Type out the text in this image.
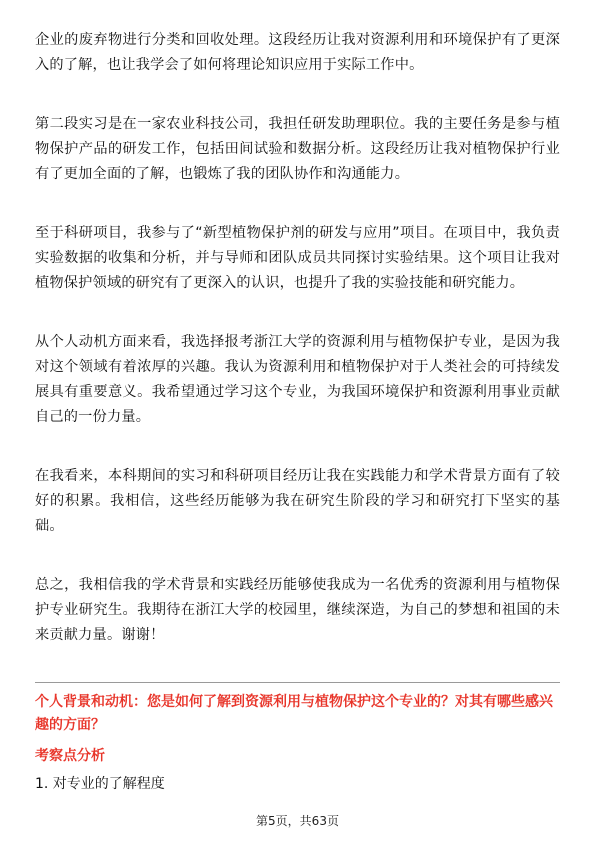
企业的废弃物进行分类和回收处理。这段经历让我对资源利用和环境保护有了更深入的了解，也让我学会了如何将理论知识应用于实际工作中。

第二段实习是在一家农业科技公司，我担任研发助理职位。我的主要任务是参与植物保护产品的研发工作，包括田间试验和数据分析。这段经历让我对植物保护行业有了更加全面的了解，也锻炼了我的团队协作和沟通能力。

至于科研项目，我参与了“新型植物保护剂的研发与应用”项目。在项目中，我负责实验数据的收集和分析，并与导师和团队成员共同探讨实验结果。这个项目让我对植物保护领域的研究有了更深入的认识，也提升了我的实验技能和研究能力。

从个人动机方面来看，我选择报考浙江大学的资源利用与植物保护专业，是因为我对这个领域有着浓厚的兴趣。我认为资源利用和植物保护对于人类社会的可持续发展具有重要意义。我希望通过学习这个专业，为我国环境保护和资源利用事业贡献自己的一份力量。

在我看来，本科期间的实习和科研项目经历让我在实践能力和学术背景方面有了较好的积累。我相信，这些经历能够为我在研究生阶段的学习和研究打下坚实的基础。

总之，我相信我的学术背景和实践经历能够使我成为一名优秀的资源利用与植物保护专业研究生。我期待在浙江大学的校园里，继续深造，为自己的梦想和祖国的未来贡献力量。谢谢！

个人背景和动机：您是如何了解到资源利用与植物保护这个专业的？对其有哪些感兴趣的方面？

考察点分析

1. 对专业的了解程度

第5页，共63页
